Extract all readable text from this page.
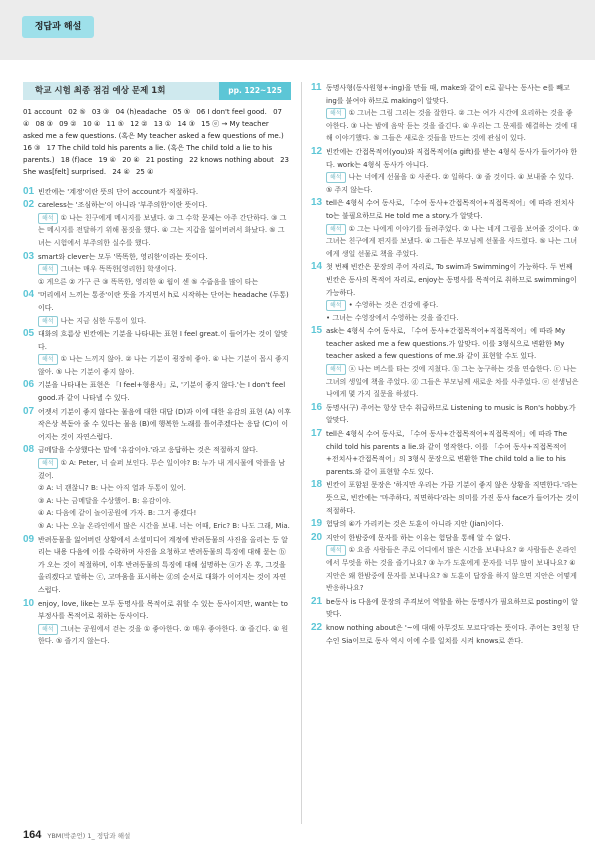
정답과 해설
학교 시험 최종 점검 예상 문제 1회	pp. 122~125
01 account 02 ⑤ 03 ③ 04 (h)eadache 05 ⑤ 06 I don't feel good. 07 ④ 08 ③ 09 ② 10 ④ 11 ⑤ 12 ② 13 ① 14 ③ 15 ⓔ → My teacher asked me a few questions. (혹은 My teacher asked a few questions of me.) 16 ③ 17 The child told his parents a lie. (혹은 The child told a lie to his parents.) 18 (f)ace 19 ④ 20 ④ 21 posting 22 knows nothing about 23 She was[felt] surprised. 24 ④ 25 ④
01 빈칸에는 '계정'이란 뜻의 단어 account가 적절하다.
02 careless는 '조심하는'이 아니라 '부주의한'이란 뜻이다.
해석 ① 나는 친구에게 메시지를 보냈다. ② 그 수학 문제는 아주 간단하다. ③ 그는 메시지를 전달하기 위해 몸짓을 했다. ④ 그는 지갑을 잃어버려서 화났다. ⑤ 그녀는 시험에서 부주의한 실수를 했다.
03 smart와 clever는 모두 '똑똑한, 영리한'이라는 뜻이다.
해석 그녀는 매우 똑똑한[영리한] 학생이다.
① 게으른 ② 가구 큰 ③ 똑똑한, 영리한 ④ 웜이 센 ⑤ 수줍음을 많이 타는
04 '머리에서 느끼는 통증'이란 뜻을 가지면서 h로 시작하는 단어는 headache (두통)이다.
해석 나는 지금 심한 두통이 있다.
05 대화의 흐름상 빈칸에는 기분을 나타내는 표현 I feel great.이 들어가는 것이 알맞다.
해석 ① 나는 느끼지 않아. ② 나는 기분이 굉장히 좋아. ④ 나는 기분이 몹시 좋지 않아. ⑤ 나는 기분이 좋지 않아.
06 기분을 나타내는 표현은 「I feel+형용사」로, '기분이 좋지 않다.'는 I don't feel good.과 같이 나타낼 수 있다.
07 어젯서 기분이 좋지 않다는 물음에 대한 대답 (D)과 이에 대한 유감의 표현 (A) 이후 작은상 복돋아 줄 수 있다는 물음 (B)에 행복한 노래를 틀어주겠다는 응답 (C)이 이어지는 것이 자연스럽다.
08 금메달을 수상했다는 말에 '유감이야.'라고 응답하는 것은 적절하지 않다.
해석 ① A: Peter, 너 슬퍼 보인다. 무슨 일이야? B: 누가 내 게시물에 악플을 남겼어.
② A: 너 괜찮니? B: 나는 아직 열과 두통이 있어.
③ A: 나는 금메달을 수상했어. B: 유감이야.
④ A: 다음에 같이 놀이공원에 가자. B: 그거 좋겠다!
⑤ A: 나는 오늘 온라인에서 많은 시간을 보내. 너는 어때, Eric? B: 나도 그래, Mia.
09 반려동물을 잃어버린 상황에서 소셜미디어 계정에 반려동물의 사진을 올리는 등 알리는 내용 다음에 이를 수락하며 사진을 요청하고 반려동물의 특징에 대해 묻는 ⓑ가 오는 것이 적절하며, 이후 반려동물의 특징에 대해 설명하는 ⓐ가 온 후, 그것을 올리겠다고 말하는 ⓒ, 고마움을 표시하는 ⓓ의 순서로 대화가 이어지는 것이 자연스럽다.
10 enjoy, love, like는 모두 동명사를 목적어로 취할 수 있는 동사이지만, want는 to부정사를 목적어로 취하는 동사이다.
해석 그녀는 공원에서 걷는 것을 ① 좋아한다. ② 매우 좋아한다. ③ 즐긴다. ④ 원한다. ⑤ 즐기지 않는다.
11 동명사형(동사원형+-ing)을 만들 때, make와 같이 e로 끝나는 동사는 e를 빼고 ing를 붙여야 하므로 making이 알맞다.
해석 ① 그녀는 그림 그리는 것을 잘한다. ② 그는 여가 시간에 요리하는 것을 좋아한다. ③ 나는 밤에 음악 듣는 것을 즐긴다. ④ 우리는 그 문제를 해결하는 것에 대해 이야기했다. ⑤ 그들은 새로운 것들을 만드는 것에 관심이 있다.
12 빈칸에는 간접목적어(you)와 직접목적어(a gift)를 받는 4형식 동사가 들어가야 한다. work는 4형식 동사가 아니다.
해석 나는 너에게 선물을 ① 사준다. ② 일하다. ③ 줄 것이다. ④ 보내줄 수 있다. ⑤ 주지 않는다.
13 tell은 4형식 수여 동사로, 「수여 동사+간접목적어+직접목적어」에 따라 전치사 to는 불필요하므로 He told me a story.가 알맞다.
해석 ① 그는 나에게 이야기를 들려주었다. ② 나는 네게 그림을 보여줄 것이다. ③ 그녀는 친구에게 편지를 보냈다. ④ 그들은 부모님께 선물을 사드렸다. ⑤ 나는 그녀에게 생일 선물로 책을 주었다.
14 첫 번째 빈칸은 문장의 주어 자리로, To swim과 Swimming이 가능하다. 두 번째 빈칸은 동사의 목적어 자리로, enjoy는 동명사를 목적어로 취하므로 swimming이 가능하다.
해석 • 수영하는 것은 건강에 좋다.
• 그녀는 수영장에서 수영하는 것을 즐긴다.
15 ask는 4형식 수여 동사로, 「수여 동사+간접목적어+직접목적어」에 따라 My teacher asked me a few questions.가 알맞다. 이를 3형식으로 변환한 My teacher asked a few questions of me.와 같이 표현할 수도 있다.
해석 ⓐ 나는 버스를 타는 것에 지쳤다. ⓑ 그는 농구하는 것을 연습한다. ⓒ 나는 그녀의 생일에 책을 주었다. ⓓ 그들은 부모님께 새로운 차를 사주었다. ⓔ 선생님은 나에게 몇 가지 질문을 하셨다.
16 동명사(구) 주어는 항상 단수 취급하므로 Listening to music is Ron's hobby.가 알맞다.
17 tell은 4형식 수여 동사로, 「수여 동사+간접목적어+직접목적어」에 따라 The child told his parents a lie.와 같이 영작한다. 이를 「수여 동사+직접목적어+전치사+간접목적어」의 3형식 문장으로 변환한 The child told a lie to his parents.와 같이 표현할 수도 있다.
18 빈칸이 포함된 문장은 '하지만 우리는 가끔 기분이 좋지 않은 상황을 직면한다.'라는 뜻으로, 빈칸에는 '마주하다, 직면하다'라는 의미를 가진 동사 face가 들어가는 것이 적절하다.
19 험담의 ④가 가리키는 것은 도훈이 아니라 지안 (Jian)이다.
20 지안이 한밤중에 문자를 하는 이유는 험담을 통해 알 수 없다.
해석 ① 요즘 사람들은 주로 어디에서 많은 시간을 보내나요? ② 사람들은 온라인에서 무엇을 하는 것을 즐기나요? ③ 누가 도훈에게 문자를 너무 많이 보내나요? ④ 지안은 왜 한밤중에 문자를 보내나요? ⑤ 도훈이 답장을 하지 않으면 지안은 어떻게 반응하나요?
21 be동사 is 다음에 문장의 주격보어 역할을 하는 동명사가 필요하므로 posting이 알맞다.
22 know nothing about은 '~에 대해 아무것도 모르다'라는 뜻이다. 주어는 3인칭 단수인 Sia이므로 동사 역시 이에 수를 일치를 시켜 knows로 쓴다.
164 YBM(박준언) 1_ 정답과 해설
